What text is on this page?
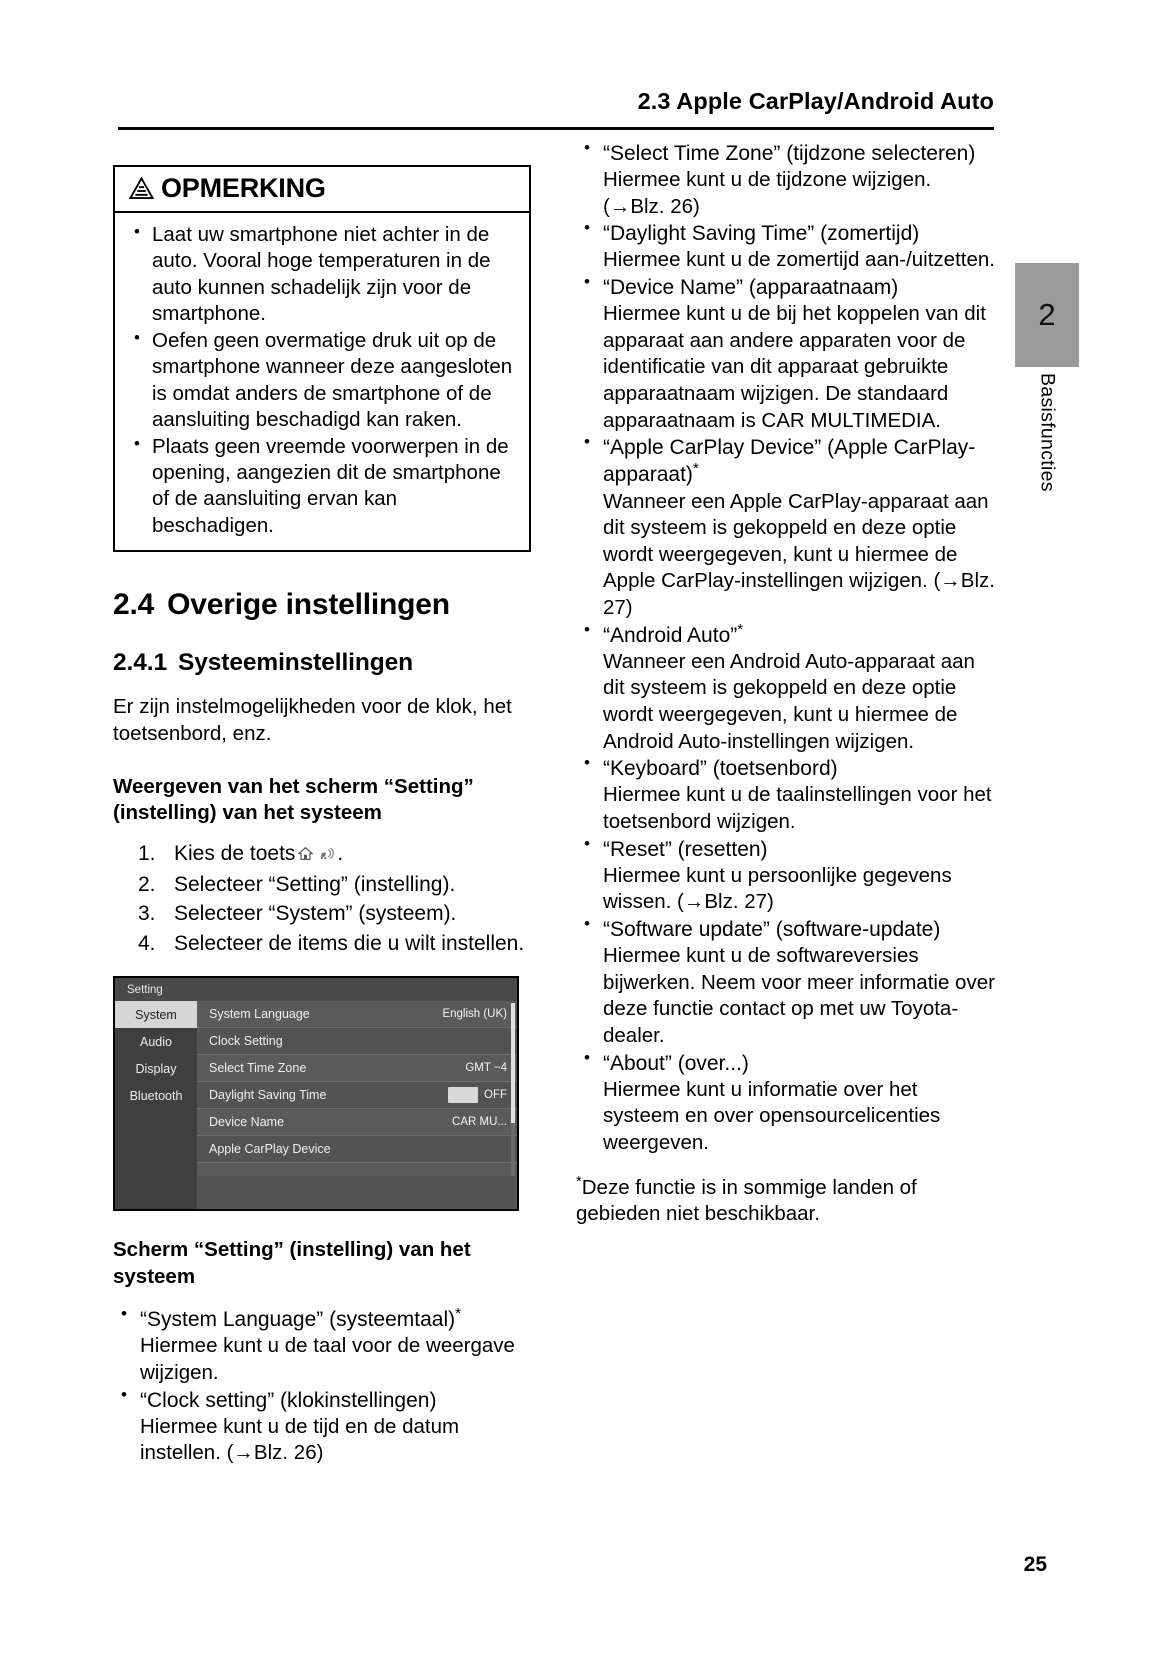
2.3 Apple CarPlay/Android Auto
2
Basisfuncties
OPMERKING
• Laat uw smartphone niet achter in de auto. Vooral hoge temperaturen in de auto kunnen schadelijk zijn voor de smartphone.
• Oefen geen overmatige druk uit op de smartphone wanneer deze aangesloten is omdat anders de smartphone of de aansluiting beschadigd kan raken.
• Plaats geen vreemde voorwerpen in de opening, aangezien dit de smartphone of de aansluiting ervan kan beschadigen.
2.4 Overige instellingen
2.4.1 Systeeminstellingen

Er zijn instelmogelijkheden voor de klok, het toetsenbord, enz.

Weergeven van het scherm “Setting” (instelling) van het systeem
1. Kies de toets .
2. Selecteer “Setting” (instelling).
3. Selecteer “System” (systeem).
4. Selecteer de items die u wilt instellen.
Setting
System
Audio
Display
Bluetooth
System Language	English (UK)
Clock Setting
Select Time Zone	GMT −4
Daylight Saving Time	OFF
Device Name	CAR MU...
Apple CarPlay Device
Scherm “Setting” (instelling) van het systeem
• “System Language” (systeemtaal)*
Hiermee kunt u de taal voor de weergave wijzigen.
• “Clock setting” (klokinstellingen)
Hiermee kunt u de tijd en de datum instellen. (→Blz. 26)
• “Select Time Zone” (tijdzone selecteren)
Hiermee kunt u de tijdzone wijzigen. (→Blz. 26)
• “Daylight Saving Time” (zomertijd)
Hiermee kunt u de zomertijd aan-/uitzetten.
• “Device Name” (apparaatnaam)
Hiermee kunt u de bij het koppelen van dit apparaat aan andere apparaten voor de identificatie van dit apparaat gebruikte apparaatnaam wijzigen. De standaard apparaatnaam is CAR MULTIMEDIA.
• “Apple CarPlay Device” (Apple CarPlay-apparaat)*
Wanneer een Apple CarPlay-apparaat aan dit systeem is gekoppeld en deze optie wordt weergegeven, kunt u hiermee de Apple CarPlay-instellingen wijzigen. (→Blz. 27)
• “Android Auto”*
Wanneer een Android Auto-apparaat aan dit systeem is gekoppeld en deze optie wordt weergegeven, kunt u hiermee de Android Auto-instellingen wijzigen.
• “Keyboard” (toetsenbord)
Hiermee kunt u de taalinstellingen voor het toetsenbord wijzigen.
• “Reset” (resetten)
Hiermee kunt u persoonlijke gegevens wissen. (→Blz. 27)
• “Software update” (software-update)
Hiermee kunt u de softwareversies bijwerken. Neem voor meer informatie over deze functie contact op met uw Toyota-dealer.
• “About” (over...)
Hiermee kunt u informatie over het systeem en over opensourcelicenties weergeven.
*Deze functie is in sommige landen of gebieden niet beschikbaar.
25
